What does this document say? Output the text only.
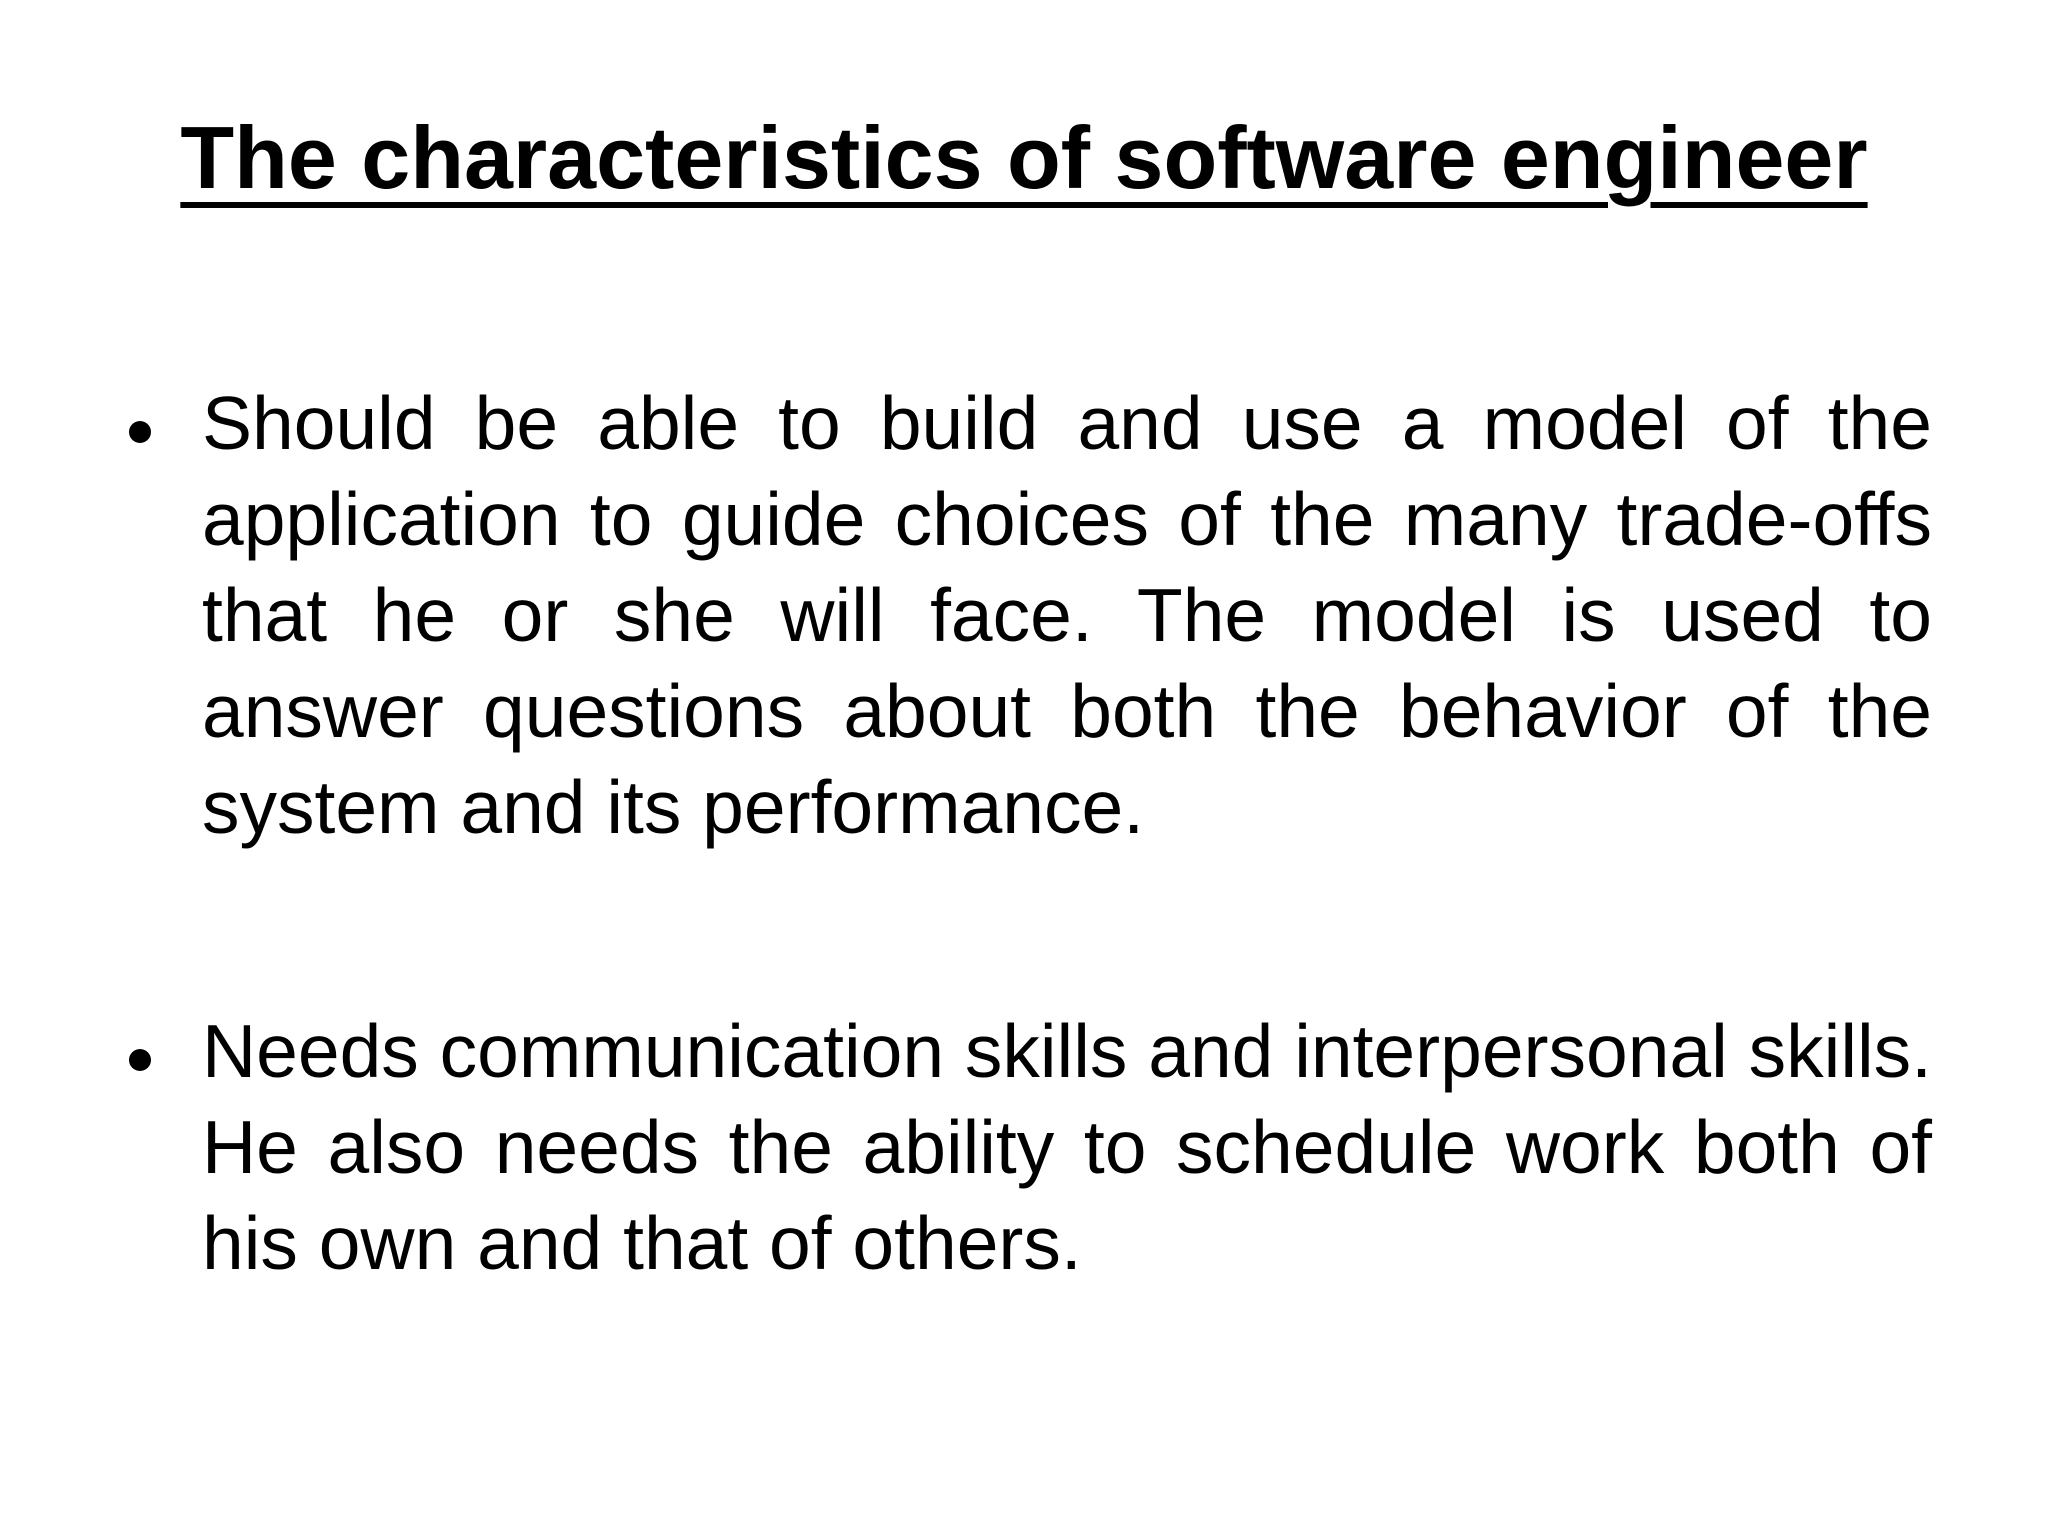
The characteristics of software engineer

Should be able to build and use a model of the application to guide choices of the many trade-offs that he or she will face. The model is used to answer questions about both the behavior of the system and its performance.

Needs communication skills and interpersonal skills. He also needs the ability to schedule work both of his own and that of others.
